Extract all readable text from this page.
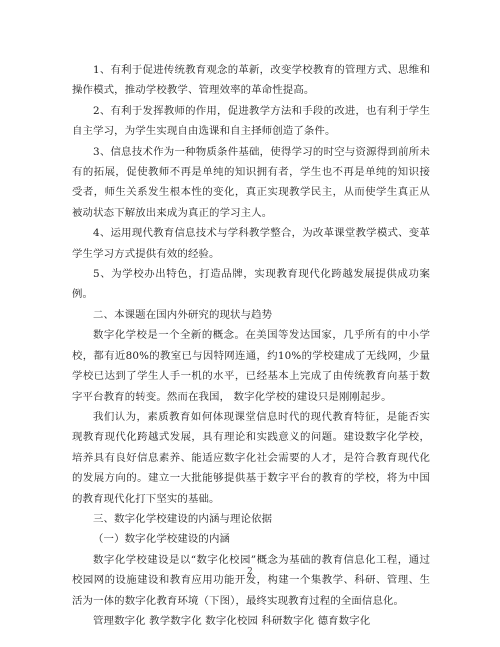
1、有利于促进传统教育观念的革新，改变学校教育的管理方式、思维和操作模式，推动学校教学、管理效率的革命性提高。

2、有利于发挥教师的作用，促进教学方法和手段的改进，也有利于学生自主学习，为学生实现自由选课和自主择师创造了条件。

3、信息技术作为一种物质条件基础，使得学习的时空与资源得到前所未有的拓展，促使教师不再是单纯的知识拥有者，学生也不再是单纯的知识接受者，师生关系发生根本性的变化，真正实现教学民主，从而使学生真正从被动状态下解放出来成为真正的学习主人。

4、运用现代教育信息技术与学科教学整合，为改革课堂教学模式、变革学生学习方式提供有效的经验。

5、为学校办出特色，打造品牌，实现教育现代化跨越发展提供成功案例。

二、本课题在国内外研究的现状与趋势

数字化学校是一个全新的概念。在美国等发达国家，几乎所有的中小学校，都有近80%的教室已与因特网连通，约10%的学校建成了无线网，少量学校已达到了学生人手一机的水平，已经基本上完成了由传统教育向基于数字平台教育的转变。然而在我国， 数字化学校的建设只是刚刚起步。

我们认为，素质教育如何体现课堂信息时代的现代教育特征，是能否实现教育现代化跨越式发展，具有理论和实践意义的问题。建设数字化学校，培养具有良好信息素养、能适应数字化社会需要的人才，是符合教育现代化的发展方向的。建立一大批能够提供基于数字平台的教育的学校，将为中国的教育现代化打下坚实的基础。

三、数字化学校建设的内涵与理论依据

（一）数字化学校建设的内涵

数字化学校建设是以“数字化校园”概念为基础的教育信息化工程，通过校园网的设施建设和教育应用功能开发，构建一个集教学、科研、管理、生活为一体的数字化教育环境（下图），最终实现教育过程的全面信息化。

管理数字化 教学数字化 数字化校园 科研数字化 德育数字化

2
